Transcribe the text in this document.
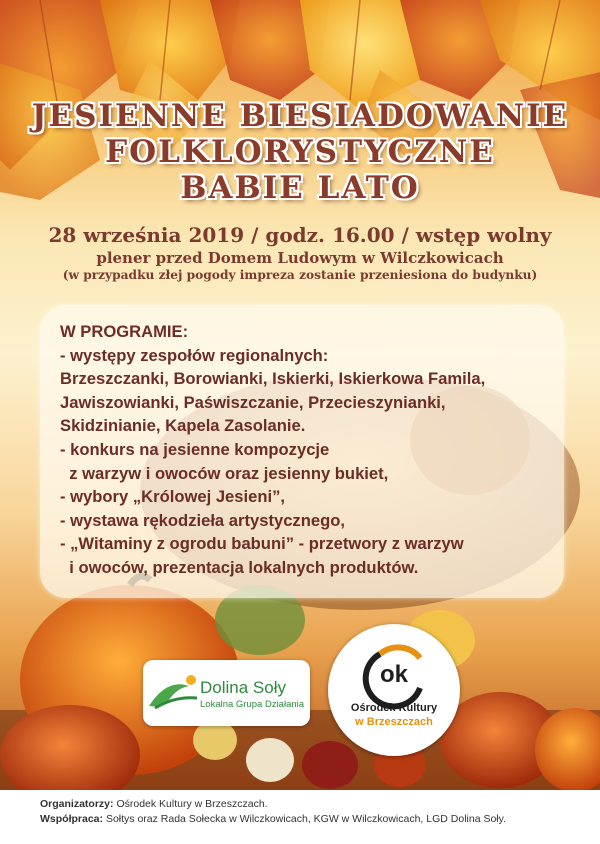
JESIENNE BIESIADOWANIE
FOLKLORYSTYCZNE
BABIE LATO
28 września 2019 / godz. 16.00 / wstęp wolny
plener przed Domem Ludowym w Wilczkowicach
(w przypadku złej pogody impreza zostanie przeniesiona do budynku)
W PROGRAMIE:
- występy zespołów regionalnych:
Brzeszczanki, Borowianki, Iskierki, Iskierkowa Famila,
Jawiszowianki, Paświszczanie, Przecieszynianki,
Skidzinianie, Kapela Zasolanie.
- konkurs na jesienne kompozycje
z warzyw i owoców oraz jesienny bukiet,
- wybory „Królowej Jesieni”,
- wystawa rękodzieła artystycznego,
- „Witaminy z ogrodu babuni” - przetwory z warzyw
i owoców, prezentacja lokalnych produktów.
Dolina Soły
Lokalna Grupa Działania
ok
Ośrodek Kultury
w Brzeszczach
Organizatorzy: Ośrodek Kultury w Brzeszczach.
Współpraca: Sołtys oraz Rada Sołecka w Wilczkowicach, KGW w Wilczkowicach, LGD Dolina Soły.
